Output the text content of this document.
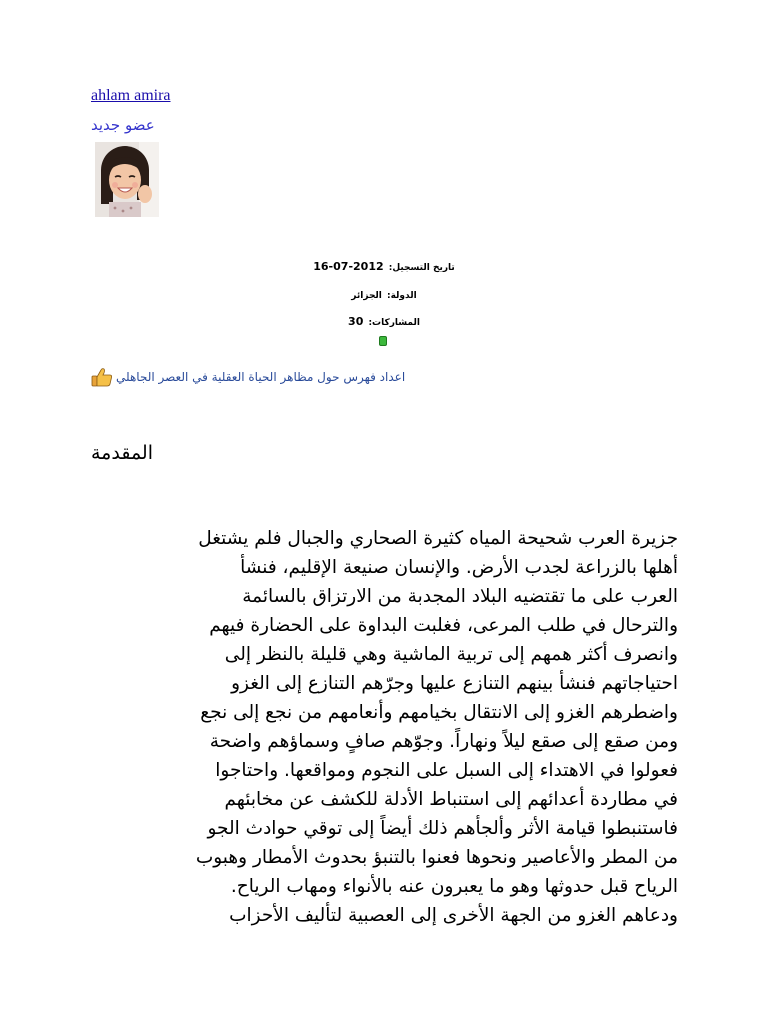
ahlam amira
عضو جديد
تاريخ التسجيل: 2012-07-16
الدولة: الجزائر
المشاركات: 30
اعداد فهرس حول مظاهر الحياة العقلية في العصر الجاهلي
المقدمة
جزيرة العرب شحيحة المياه كثيرة الصحاري والجبال فلم يشتغل
أهلها بالزراعة لجدب الأرض. والإنسان صنيعة الإقليم، فنشأ
العرب على ما تقتضيه البلاد المجدبة من الارتزاق بالسائمة
والترحال في طلب المرعى، فغلبت البداوة على الحضارة فيهم
وانصرف أكثر همهم إلى تربية الماشية وهي قليلة بالنظر إلى
احتياجاتهم فنشأ بينهم التنازع عليها وجرّهم التنازع إلى الغزو
واضطرهم الغزو إلى الانتقال بخيامهم وأنعامهم من نجع إلى نجع
ومن صقع إلى صقع ليلاً ونهاراً. وجوّهم صافٍ وسماؤهم واضحة
فعولوا في الاهتداء إلى السبل على النجوم ومواقعها. واحتاجوا
في مطاردة أعدائهم إلى استنباط الأدلة للكشف عن مخابئهم
فاستنبطوا قيامة الأثر وألجأهم ذلك أيضاً إلى توقي حوادث الجو
من المطر والأعاصير ونحوها فعنوا بالتنبؤ بحدوث الأمطار وهبوب
الرياح قبل حدوثها وهو ما يعبرون عنه بالأنواء ومهاب الرياح.
ودعاهم الغزو من الجهة الأخرى إلى العصبية لتأليف الأحزاب
